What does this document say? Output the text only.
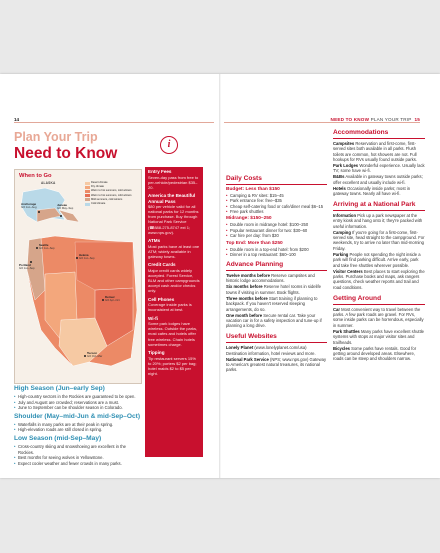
14	NEED TO KNOW PLAN YOUR TRIP 15
Plan Your Trip
Need to Know
i
When to Go
Desert climate
Dry climate
Warm to hot summers, cold winters
Warm to hot summers, mild winters
Mild summers, cold winters
Cold climate
ALASKA
Anchorage
GO Jun–Aug
Juneau
GO May–Sep
Seattle
GO Jun–Sep
Portland
GO Jun–Sep
Helena
GO Jun–Sep
Denver
GO Apr–Oct
Tucson
GO Oct–Mar
High Season (Jun–early Sep)
• High-country sectors in the Rockies are guaranteed to be open.
• July and August are crowded; reservations are a must.
• June to September can be shoulder season in Colorado.
Shoulder (May–mid-Jun & mid-Sep–Oct)
• Waterfalls in many parks are at their peak in spring.
• High-elevation roads are still closed in spring.
Low Season (mid-Sep–May)
• Cross-country skiing and snowshoeing are excellent in the Rockies.
• Best months for seeing wolves in Yellowstone.
• Expect cooler weather and fewer crowds in many parks.
Entry Fees
Seven-day pass from free to per-vehicle/pedestrian $35–20.
America the Beautiful Annual Pass
$80 per vehicle valid for all national parks for 12 months from purchase. Buy through National Park Service (☎888-275-8747 ext 1; www.nps.gov).
ATMs
Most parks have at least one ATM; widely available in gateway towns.
Credit Cards
Major credit cards widely accepted. Forest Service, BLM and other campgrounds accept cash and/or checks only.
Cell Phones
Coverage inside parks is inconsistent at best.
Wi-fi
Some park lodges have wireless. Outside the parks, most cafes and hotels offer free wireless. Chain hotels sometimes charge.
Tipping
Tip restaurant servers 15% to 20%; porters $2 per bag; hotel maids $2 to $5 per night.
Daily Costs
Budget: Less than $150
• Camping & RV sites: $15–45
• Park entrance fee: free–$35
• Cheap self-catering food or cafe/diner meal $6–15
• Free park shuttles
Midrange: $150–250
• Double room in midrange hotel: $100–250
• Popular restaurant dinner for two: $30–60
• Car hire per day: from $30
Top End: More than $250
• Double room in a top-end hotel: from $200
• Dinner in a top restaurant: $60–100
Advance Planning
Twelve months before Reserve campsites and historic lodge accommodations.
Six months before Reserve hotel rooms in sidelife towns if visiting in summer. Book flights.
Three months before Start training if planning to backpack. If you haven't reserved sleeping arrangements, do so.
One month before Secure rental car. Take your vacation car in for a safety inspection and tune-up if planning a long drive.
Useful Websites
Lonely Planet (www.lonelyplanet.com/usa) Destination information, hotel reviews and more.
National Park Service (NPS; www.nps.gov) Gateway to America's greatest natural treasures, its national parks.
Accommodations
Campsites Reservation and first-come, first-served sites both available in all parks. Flush toilets are common, hot showers are not. Full hookups for RVs usually found outside parks.
Park Lodges Wonderful experience. Usually lack TV; some have wi-fi.
B&Bs Available in gateway towns outside parks; offer excellent and usually include wi-fi.
Hotels Occasionally inside parks; most in gateway towns. Nearly all have wi-fi.
Arriving at a National Park
Information Pick up a park newspaper at the entry kiosk and hang onto it; they're packed with useful information.
Camping If you're going for a first-come, first-served site, head straight to the campground. For weekends, try to arrive no later than mid-morning Friday.
Parking People not spending the night inside a park will find parking difficult. Arrive early, park and take free shuttles wherever possible.
Visitor Centers Best places to start exploring the parks. Purchase books and maps, ask rangers questions, check weather reports and trail and road conditions.
Getting Around
Car Most convenient way to travel between the parks. A few park roads are gravel. For RVs, some inside parks can be horrendous, especially in summer.
Park Shuttles Many parks have excellent shuttle systems with stops at major visitor sites and trailheads.
Bicycles Some parks have rentals. Good for getting around developed areas. Elsewhere, roads can be steep and shoulders narrow.
